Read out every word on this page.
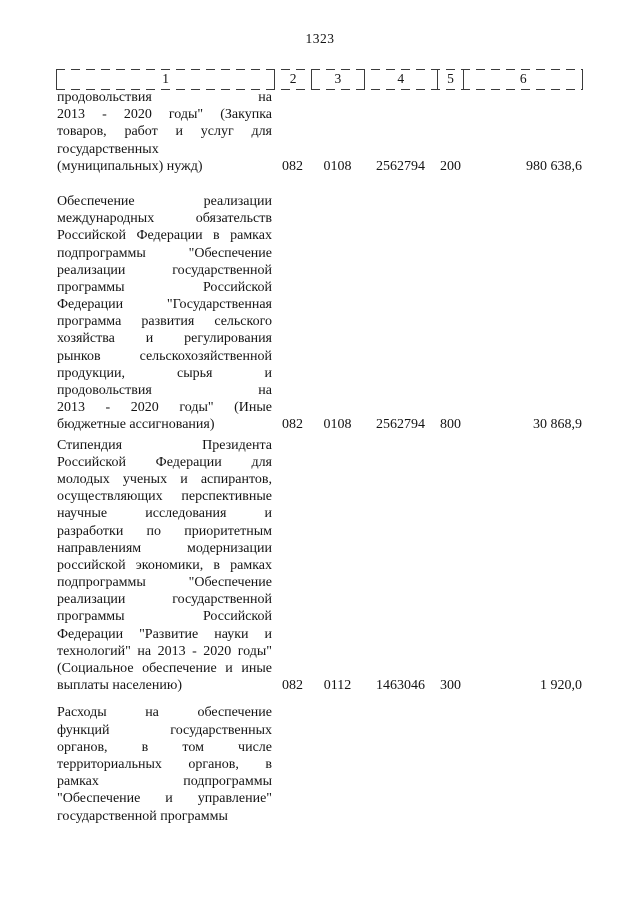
1323
1	2	3	4	5	6
продовольствия на
2013 - 2020 годы" (Закупка
товаров, работ и услуг для
государственных
(муниципальных) нужд)	082	0108	2562794	200	980 638,6
Обеспечение реализации
международных обязательств
Российской Федерации в рамках
подпрограммы "Обеспечение
реализации государственной
программы Российской
Федерации "Государственная
программа развития сельского
хозяйства и регулирования
рынков сельскохозяйственной
продукции, сырья и
продовольствия на
2013 - 2020 годы" (Иные
бюджетные ассигнования)	082	0108	2562794	800	30 868,9
Стипендия Президента
Российской Федерации для
молодых ученых и аспирантов,
осуществляющих перспективные
научные исследования и
разработки по приоритетным
направлениям модернизации
российской экономики, в рамках
подпрограммы "Обеспечение
реализации государственной
программы Российской
Федерации "Развитие науки и
технологий" на 2013 - 2020 годы"
(Социальное обеспечение и иные
выплаты населению)	082	0112	1463046	300	1 920,0
Расходы на обеспечение
функций государственных
органов, в том числе
территориальных органов, в
рамках подпрограммы
"Обеспечение и управление"
государственной программы
